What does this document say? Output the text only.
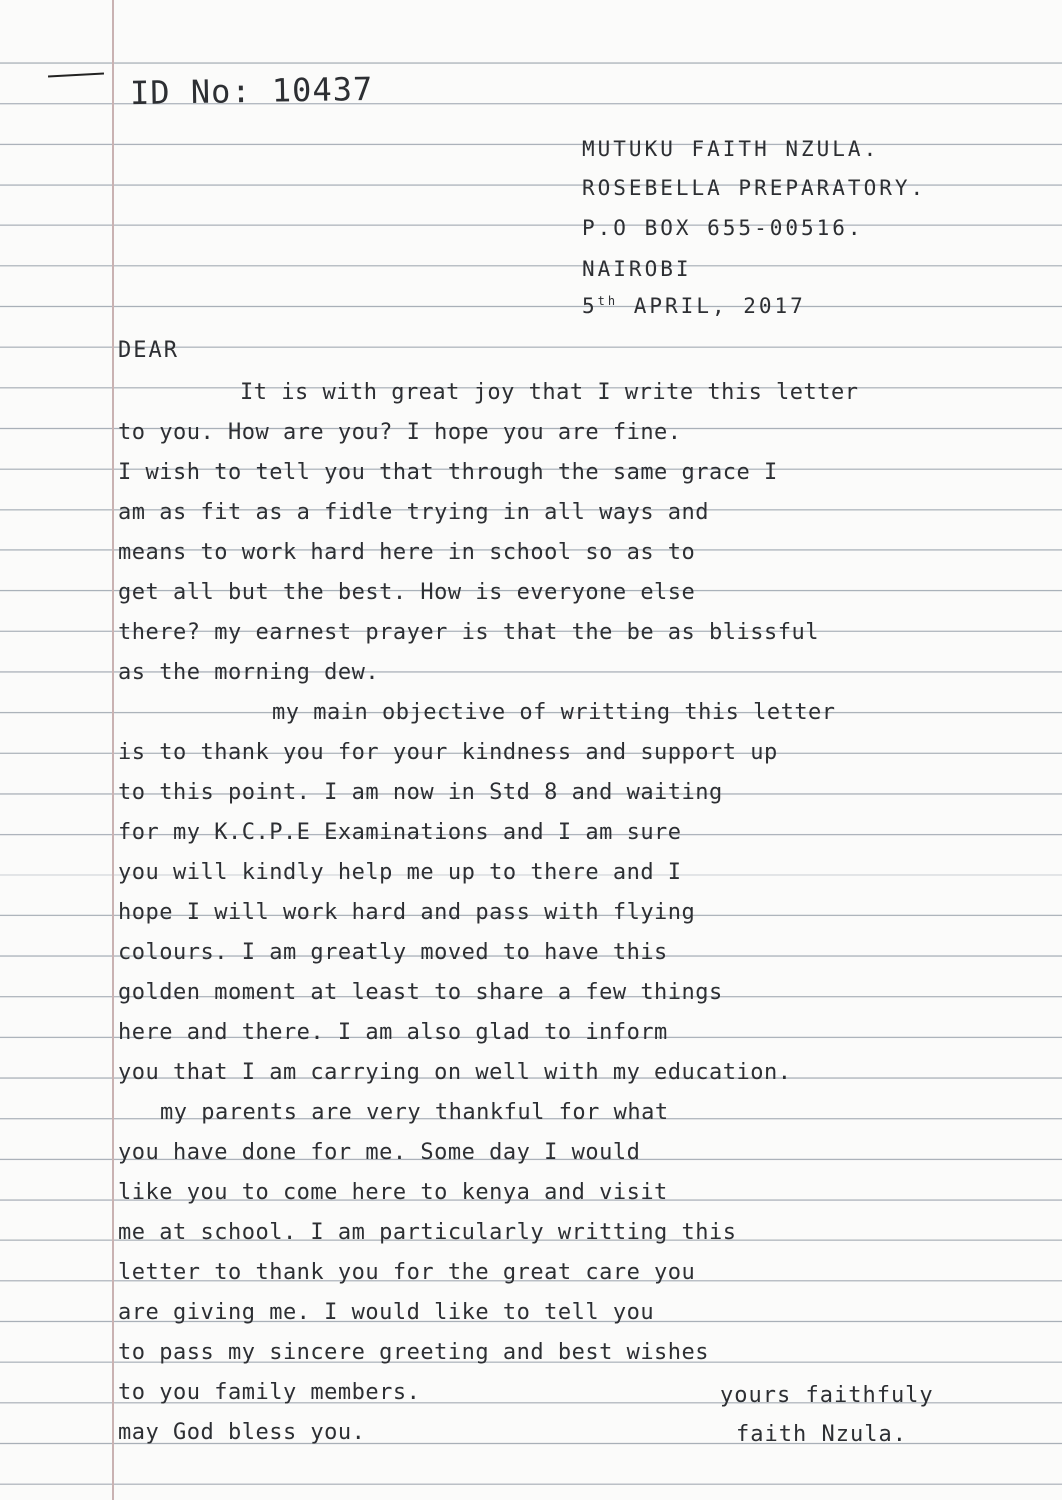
ID No: 10437
MUTUKU FAITH NZULA.
ROSEBELLA PREPARATORY.
P.O BOX 655-00516.
NAIROBI
5th APRIL, 2017
DEAR
It is with great joy that I write this letter
to you. How are you? I hope you are fine.
I wish to tell you that through the same grace I
am as fit as a fidle trying in all ways and
means to work hard here in school so as to
get all but the best. How is everyone else
there? my earnest prayer is that the be as blissful
as the morning dew.
my main objective of writting this letter
is to thank you for your kindness and support up
to this point. I am now in Std 8 and waiting
for my K.C.P.E Examinations and I am sure
you will kindly help me up to there and I
hope I will work hard and pass with flying
colours. I am greatly moved to have this
golden moment at least to share a few things
here and there. I am also glad to inform
you that I am carrying on well with my education.
my parents are very thankful for what
you have done for me. Some day I would
like you to come here to kenya and visit
me at school. I am particularly writting this
letter to thank you for the great care you
are giving me. I would like to tell you
to pass my sincere greeting and best wishes
to you family members.
may God bless you.
yours faithfuly
faith Nzula.
